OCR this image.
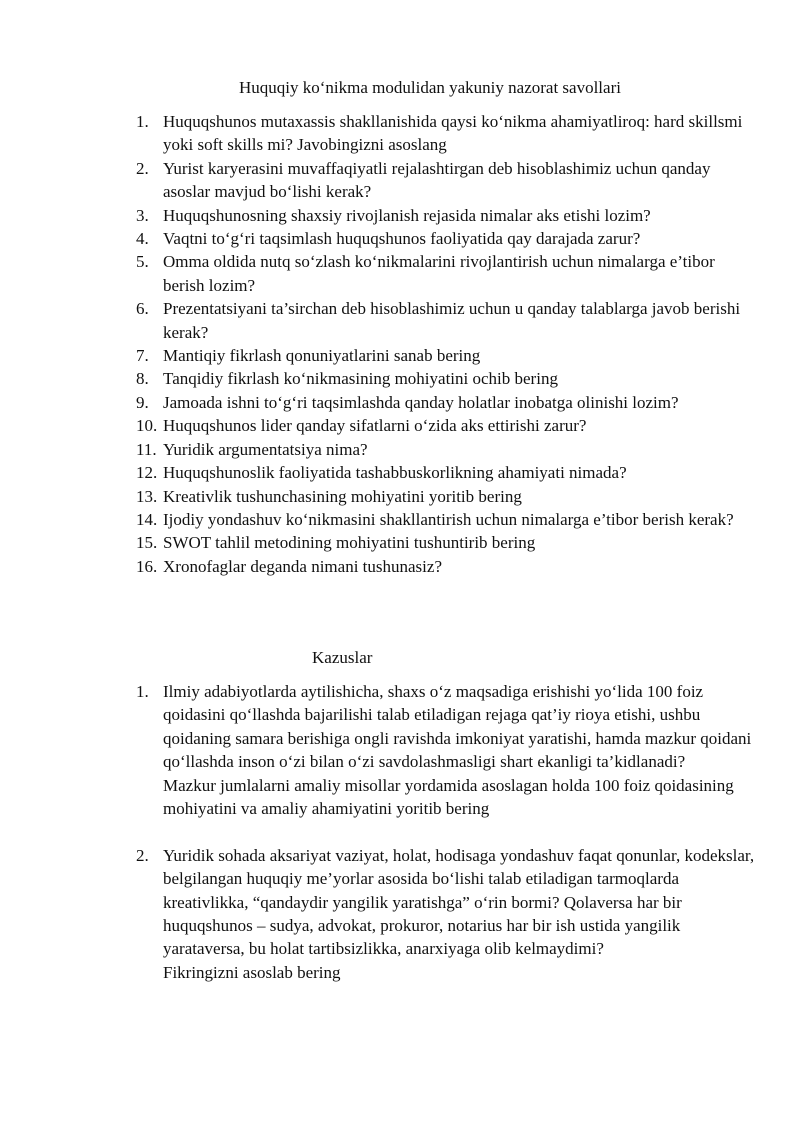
Huquqiy ko‘nikma modulidan yakuniy nazorat savollari
1. Huquqshunos mutaxassis shakllanishida qaysi ko‘nikma ahamiyatliroq: hard skillsmi yoki soft skills mi? Javobingizni asoslang
2. Yurist karyerasini muvaffaqiyatli rejalashtirgan deb hisoblashimiz uchun qanday asoslar mavjud bo‘lishi kerak?
3. Huquqshunosning shaxsiy rivojlanish rejasida nimalar aks etishi lozim?
4. Vaqtni to‘g‘ri taqsimlash huquqshunos faoliyatida qay darajada zarur?
5. Omma oldida nutq so‘zlash ko‘nikmalarini rivojlantirish uchun nimalarga e’tibor berish lozim?
6. Prezentatsiyani ta’sirchan deb hisoblashimiz uchun u qanday talablarga javob berishi kerak?
7. Mantiqiy fikrlash qonuniyatlarini sanab bering
8. Tanqidiy fikrlash ko‘nikmasining mohiyatini ochib bering
9. Jamoada ishni to‘g‘ri taqsimlashda qanday holatlar inobatga olinishi lozim?
10. Huquqshunos lider qanday sifatlarni o‘zida aks ettirishi zarur?
11. Yuridik argumentatsiya nima?
12. Huquqshunoslik faoliyatida tashabbuskorlikning ahamiyati nimada?
13. Kreativlik tushunchasining mohiyatini yoritib bering
14. Ijodiy yondashuv ko‘nikmasini shakllantirish uchun nimalarga e’tibor berish kerak?
15. SWOT tahlil metodining mohiyatini tushuntirib bering
16. Xronofaglar deganda nimani tushunasiz?
Kazuslar
1. Ilmiy adabiyotlarda aytilishicha, shaxs o‘z maqsadiga erishishi yo‘lida 100 foiz qoidasini qo‘llashda bajarilishi talab etiladigan rejaga qat’iy rioya etishi, ushbu qoidaning samara berishiga ongli ravishda imkoniyat yaratishi, hamda mazkur qoidani qo‘llashda inson o‘zi bilan o‘zi savdolashmasligi shart ekanligi ta’kidlanadi?
Mazkur jumlalarni amaliy misollar yordamida asoslagan holda 100 foiz qoidasining mohiyatini va amaliy ahamiyatini yoritib bering
2. Yuridik sohada aksariyat vaziyat, holat, hodisaga yondashuv faqat qonunlar, kodekslar, belgilangan huquqiy me’yorlar asosida bo‘lishi talab etiladigan tarmoqlarda kreativlikka, “qandaydir yangilik yaratishga” o‘rin bormi? Qolaversa har bir huquqshunos – sudya, advokat, prokuror, notarius har bir ish ustida yangilik yarataversa, bu holat tartibsizlikka, anarxiyaga olib kelmaydimi?
Fikringizni asoslab bering
